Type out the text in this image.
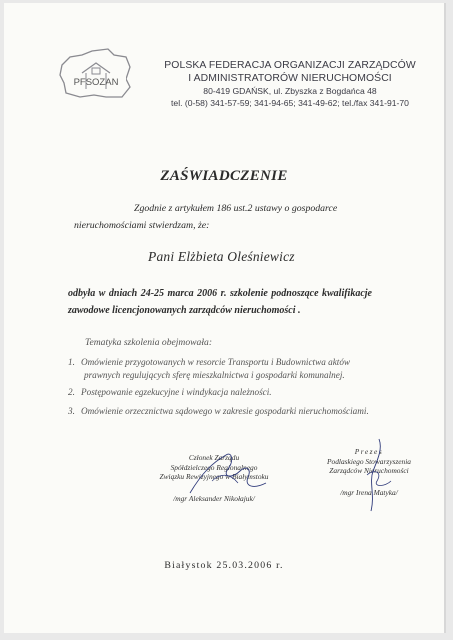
PFSOZAN
POLSKA FEDERACJA ORGANIZACJI ZARZĄDCÓW
I ADMINISTRATORÓW NIERUCHOMOŚCI
80-419 GDAŃSK, ul. Zbyszka z Bogdańca 48
tel. (0-58) 341-57-59; 341-94-65; 341-49-62; tel./fax 341-91-70
ZAŚWIADCZENIE
Zgodnie z artykułem 186 ust.2 ustawy o gospodarce
nieruchomościami stwierdzam, że:
Pani Elżbieta Oleśniewicz
odbyła w dniach 24-25 marca 2006 r. szkolenie podnoszące kwalifikacje
zawodowe licencjonowanych zarządców nieruchomości .
Tematyka szkolenia obejmowała:
1. Omówienie przygotowanych w resorcie Transportu i Budownictwa aktów
prawnych regulujących sferę mieszkalnictwa i gospodarki komunalnej.
2. Postępowanie egzekucyjne i windykacja należności.
3. Omówienie orzecznictwa sądowego w zakresie gospodarki nieruchomościami.
Członek Zarządu
Spółdzielczego Regionalnego
Związku Rewizyjnego w Białymstoku
/mgr Aleksander Nikołajuk/
Prezes
Podlaskiego Stowarzyszenia
Zarządców Nieruchomości
/mgr Irena Matyka/
Białystok 25.03.2006 r.
